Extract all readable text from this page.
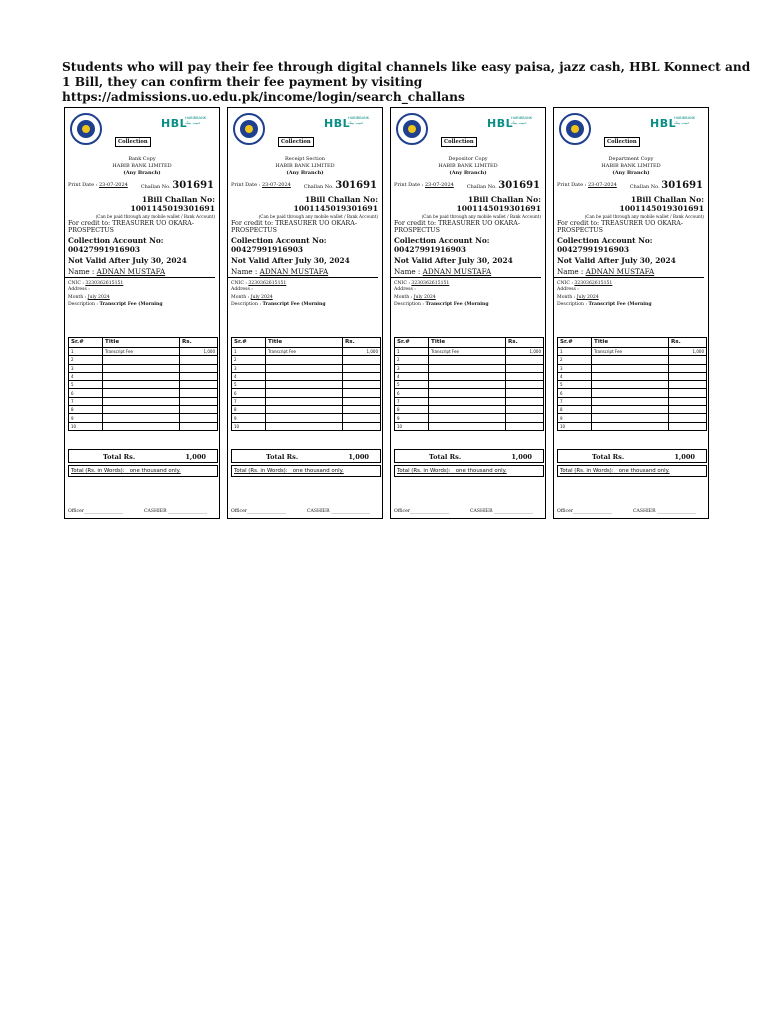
Students who will pay their fee through digital channels like easy paisa, jazz cash, HBL Konnect and 1 Bill, they can confirm their fee payment by visiting https://admissions.uo.edu.pk/income/login/search_challans
HBL
HABIBBANK حبیب بینک
Collection
Bank Copy
HABIB BANK LIMITED
(Any Branch)
Print Date : 23-07-2024	Challan No. 301691
1Bill Challan No: 1001145019301691
(Can be paid through any mobile wallet / Bank Account)
For credit to: TREASURER UO OKARA-PROSPECTUS
Collection Account No:
00427991916903
Not Valid After July 30, 2024
Name : ADNAN MUSTAFA
CNIC : 3230362615151
Address :
Month : July 2024
Description : Transcript Fee (Morning
Sr.#	Title	Rs.
1	Transcript Fee	1,000
2		
3		
4		
5		
6		
7		
8		
9		
10		
Total Rs.	1,000
Total (Rs. in Words): one thousand only.
Officer_________________	CASHIER _________________
HBL
HABIBBANK حبیب بینک
Collection
Receipt Section
HABIB BANK LIMITED
(Any Branch)
Print Date : 23-07-2024	Challan No. 301691
1Bill Challan No: 1001145019301691
(Can be paid through any mobile wallet / Bank Account)
For credit to: TREASURER UO OKARA-PROSPECTUS
Collection Account No:
00427991916903
Not Valid After July 30, 2024
Name : ADNAN MUSTAFA
CNIC : 3230362615151
Address :
Month : July 2024
Description : Transcript Fee (Morning
Sr.#	Title	Rs.
1	Transcript Fee	1,000
2		
3		
4		
5		
6		
7		
8		
9		
10		
Total Rs.	1,000
Total (Rs. in Words): one thousand only.
Officer_________________	CASHIER _________________
HBL
HABIBBANK حبیب بینک
Collection
Depositor Copy
HABIB BANK LIMITED
(Any Branch)
Print Date : 23-07-2024	Challan No. 301691
1Bill Challan No: 1001145019301691
(Can be paid through any mobile wallet / Bank Account)
For credit to: TREASURER UO OKARA-PROSPECTUS
Collection Account No:
00427991916903
Not Valid After July 30, 2024
Name : ADNAN MUSTAFA
CNIC : 3230362615151
Address :
Month : July 2024
Description : Transcript Fee (Morning
Sr.#	Title	Rs.
1	Transcript Fee	1,000
2		
3		
4		
5		
6		
7		
8		
9		
10		
Total Rs.	1,000
Total (Rs. in Words): one thousand only.
Officer_________________	CASHIER _________________
HBL
HABIBBANK حبیب بینک
Collection
Department Copy
HABIB BANK LIMITED
(Any Branch)
Print Date : 23-07-2024	Challan No. 301691
1Bill Challan No: 1001145019301691
(Can be paid through any mobile wallet / Bank Account)
For credit to: TREASURER UO OKARA-PROSPECTUS
Collection Account No:
00427991916903
Not Valid After July 30, 2024
Name : ADNAN MUSTAFA
CNIC : 3230362615151
Address :
Month : July 2024
Description : Transcript Fee (Morning
Sr.#	Title	Rs.
1	Transcript Fee	1,000
2		
3		
4		
5		
6		
7		
8		
9		
10		
Total Rs.	1,000
Total (Rs. in Words): one thousand only.
Officer_________________	CASHIER _________________
